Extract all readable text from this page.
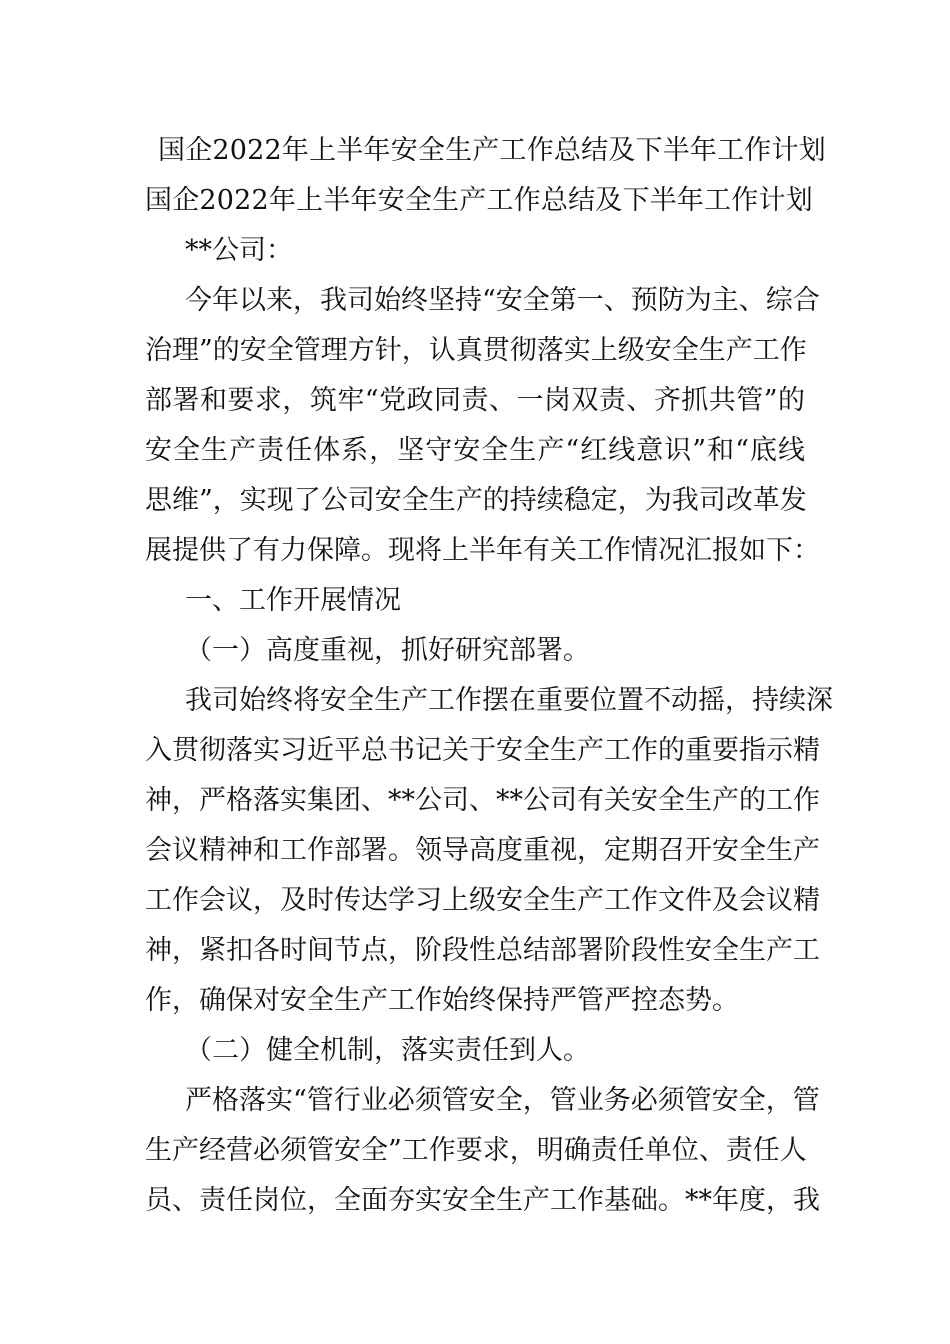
国企2022年上半年安全生产工作总结及下半年工作计划
国企2022年上半年安全生产工作总结及下半年工作计划
**公司：
今年以来，我司始终坚持“安全第一、预防为主、综合
治理”的安全管理方针，认真贯彻落实上级安全生产工作
部署和要求，筑牢“党政同责、一岗双责、齐抓共管”的
安全生产责任体系，坚守安全生产“红线意识”和“底线
思维”，实现了公司安全生产的持续稳定，为我司改革发
展提供了有力保障。现将上半年有关工作情况汇报如下：
一、工作开展情况
（一）高度重视，抓好研究部署。
我司始终将安全生产工作摆在重要位置不动摇，持续深
入贯彻落实习近平总书记关于安全生产工作的重要指示精
神，严格落实集团、**公司、**公司有关安全生产的工作
会议精神和工作部署。领导高度重视，定期召开安全生产
工作会议，及时传达学习上级安全生产工作文件及会议精
神，紧扣各时间节点，阶段性总结部署阶段性安全生产工
作，确保对安全生产工作始终保持严管严控态势。
（二）健全机制，落实责任到人。
严格落实“管行业必须管安全，管业务必须管安全，管
生产经营必须管安全”工作要求，明确责任单位、责任人
员、责任岗位，全面夯实安全生产工作基础。**年度，我
